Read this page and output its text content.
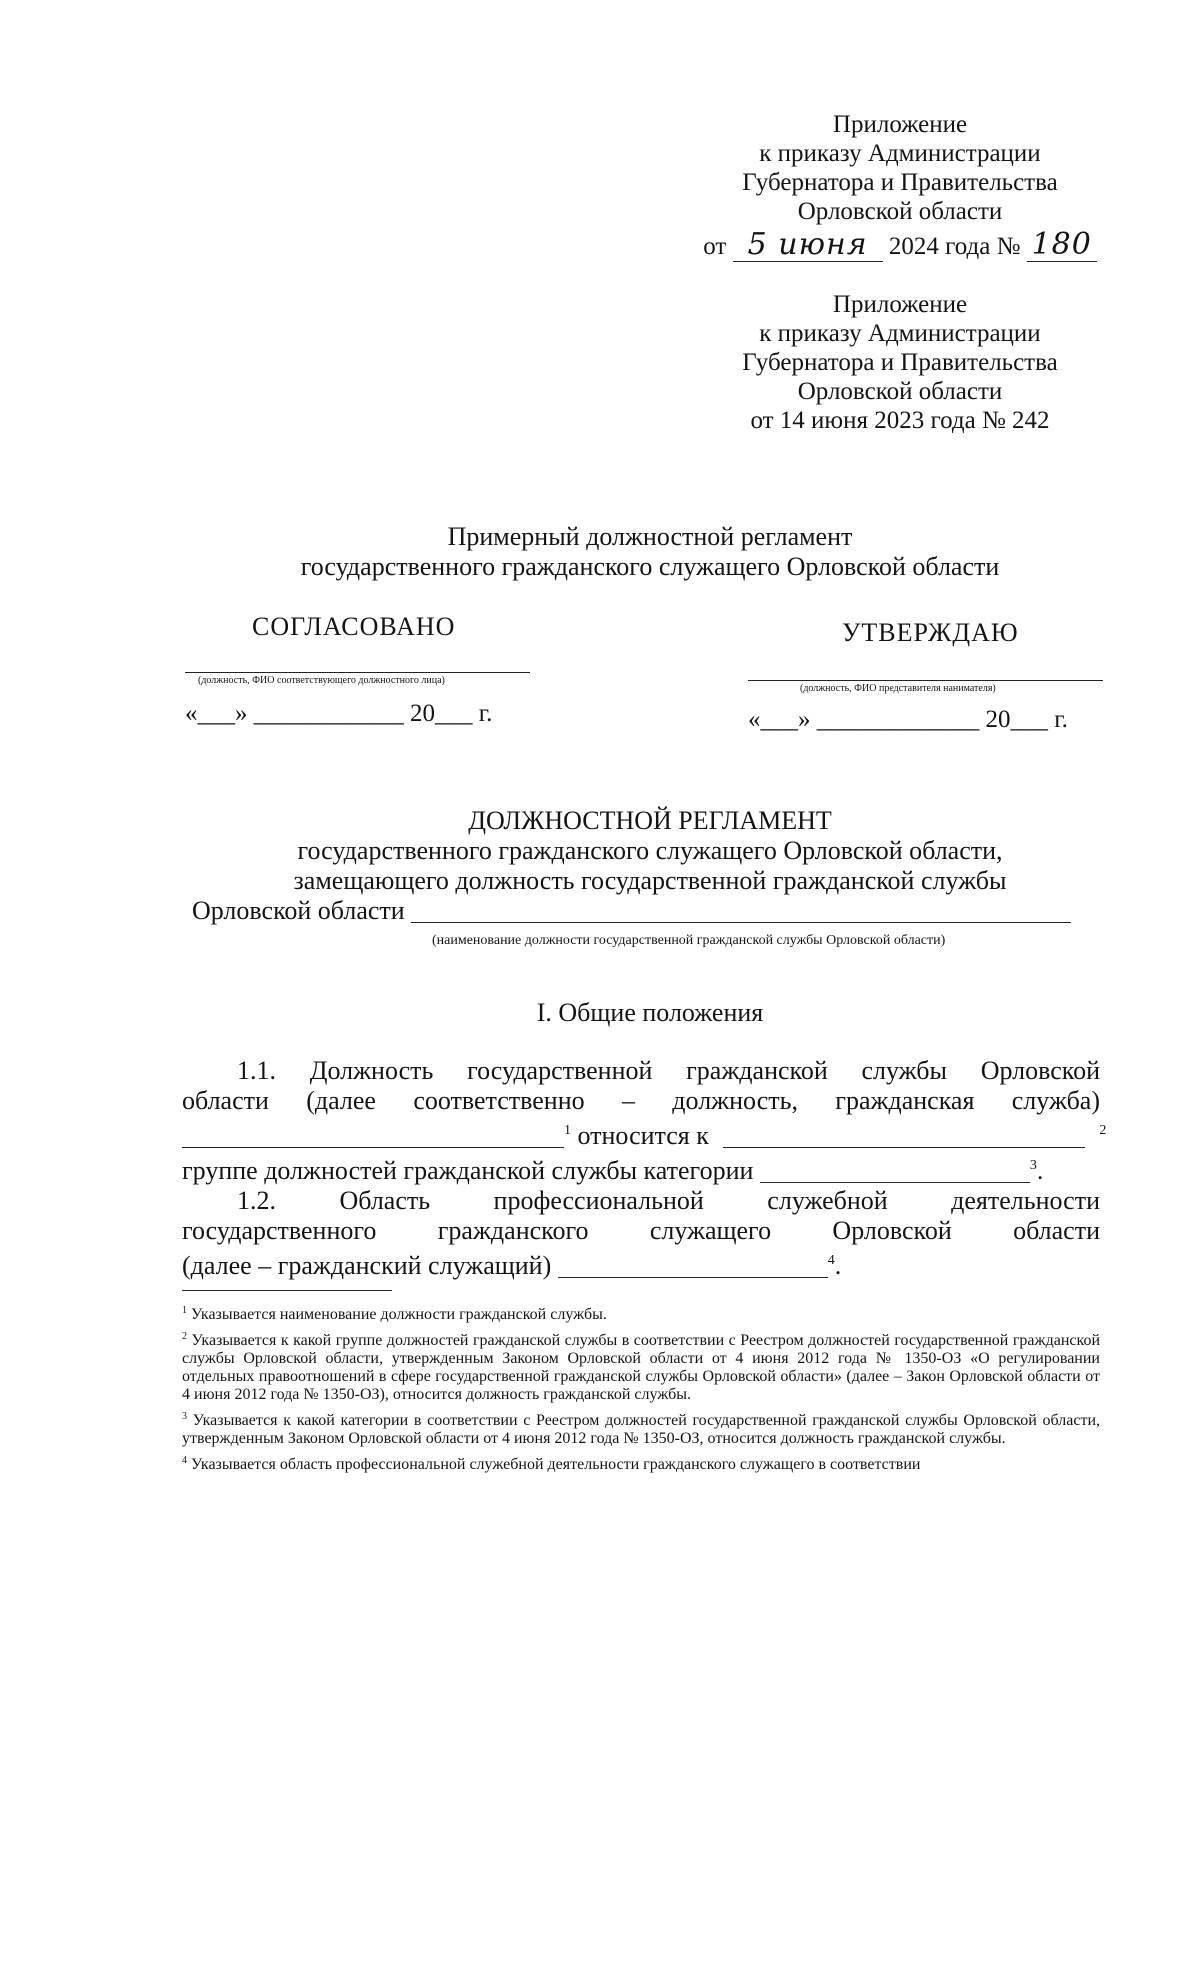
Приложение
к приказу Администрации
Губернатора и Правительства
Орловской области
от 5 июня 2024 года № 180
Приложение
к приказу Администрации
Губернатора и Правительства
Орловской области
от 14 июня 2023 года № 242
Примерный должностной регламент
государственного гражданского служащего Орловской области
СОГЛАСОВАНО
(должность, ФИО соответствующего должностного лица)
«___» ____________ 20___ г.
УТВЕРЖДАЮ
(должность, ФИО представителя нанимателя)
«___» _____________ 20___ г.
ДОЛЖНОСТНОЙ РЕГЛАМЕНТ
государственного гражданского служащего Орловской области,
замещающего должность государственной гражданской службы
Орловской области
(наименование должности государственной гражданской службы Орловской области)
I. Общие положения
1.1. Должность государственной гражданской службы Орловской
области (далее соответственно – должность, гражданская служба)
$^1$ относится к	$^2$
группе должностей гражданской службы категории	$^3$.
1.2. Область профессиональной служебной деятельности
государственного гражданского служащего Орловской области
(далее – гражданский служащий)	$^4$.

$^1$ Указывается наименование должности гражданской службы.

$^2$ Указывается к какой группе должностей гражданской службы в соответствии с Реестром должностей государственной гражданской службы Орловской области, утвержденным Законом Орловской области от 4 июня 2012 года № 1350-ОЗ «О регулировании отдельных правоотношений в сфере государственной гражданской службы Орловской области» (далее – Закон Орловской области от 4 июня 2012 года № 1350-ОЗ), относится должность гражданской службы.

$^3$ Указывается к какой категории в соответствии с Реестром должностей государственной гражданской службы Орловской области, утвержденным Законом Орловской области от 4 июня 2012 года № 1350-ОЗ, относится должность гражданской службы.

$^4$ Указывается область профессиональной служебной деятельности гражданского служащего в соответствии
